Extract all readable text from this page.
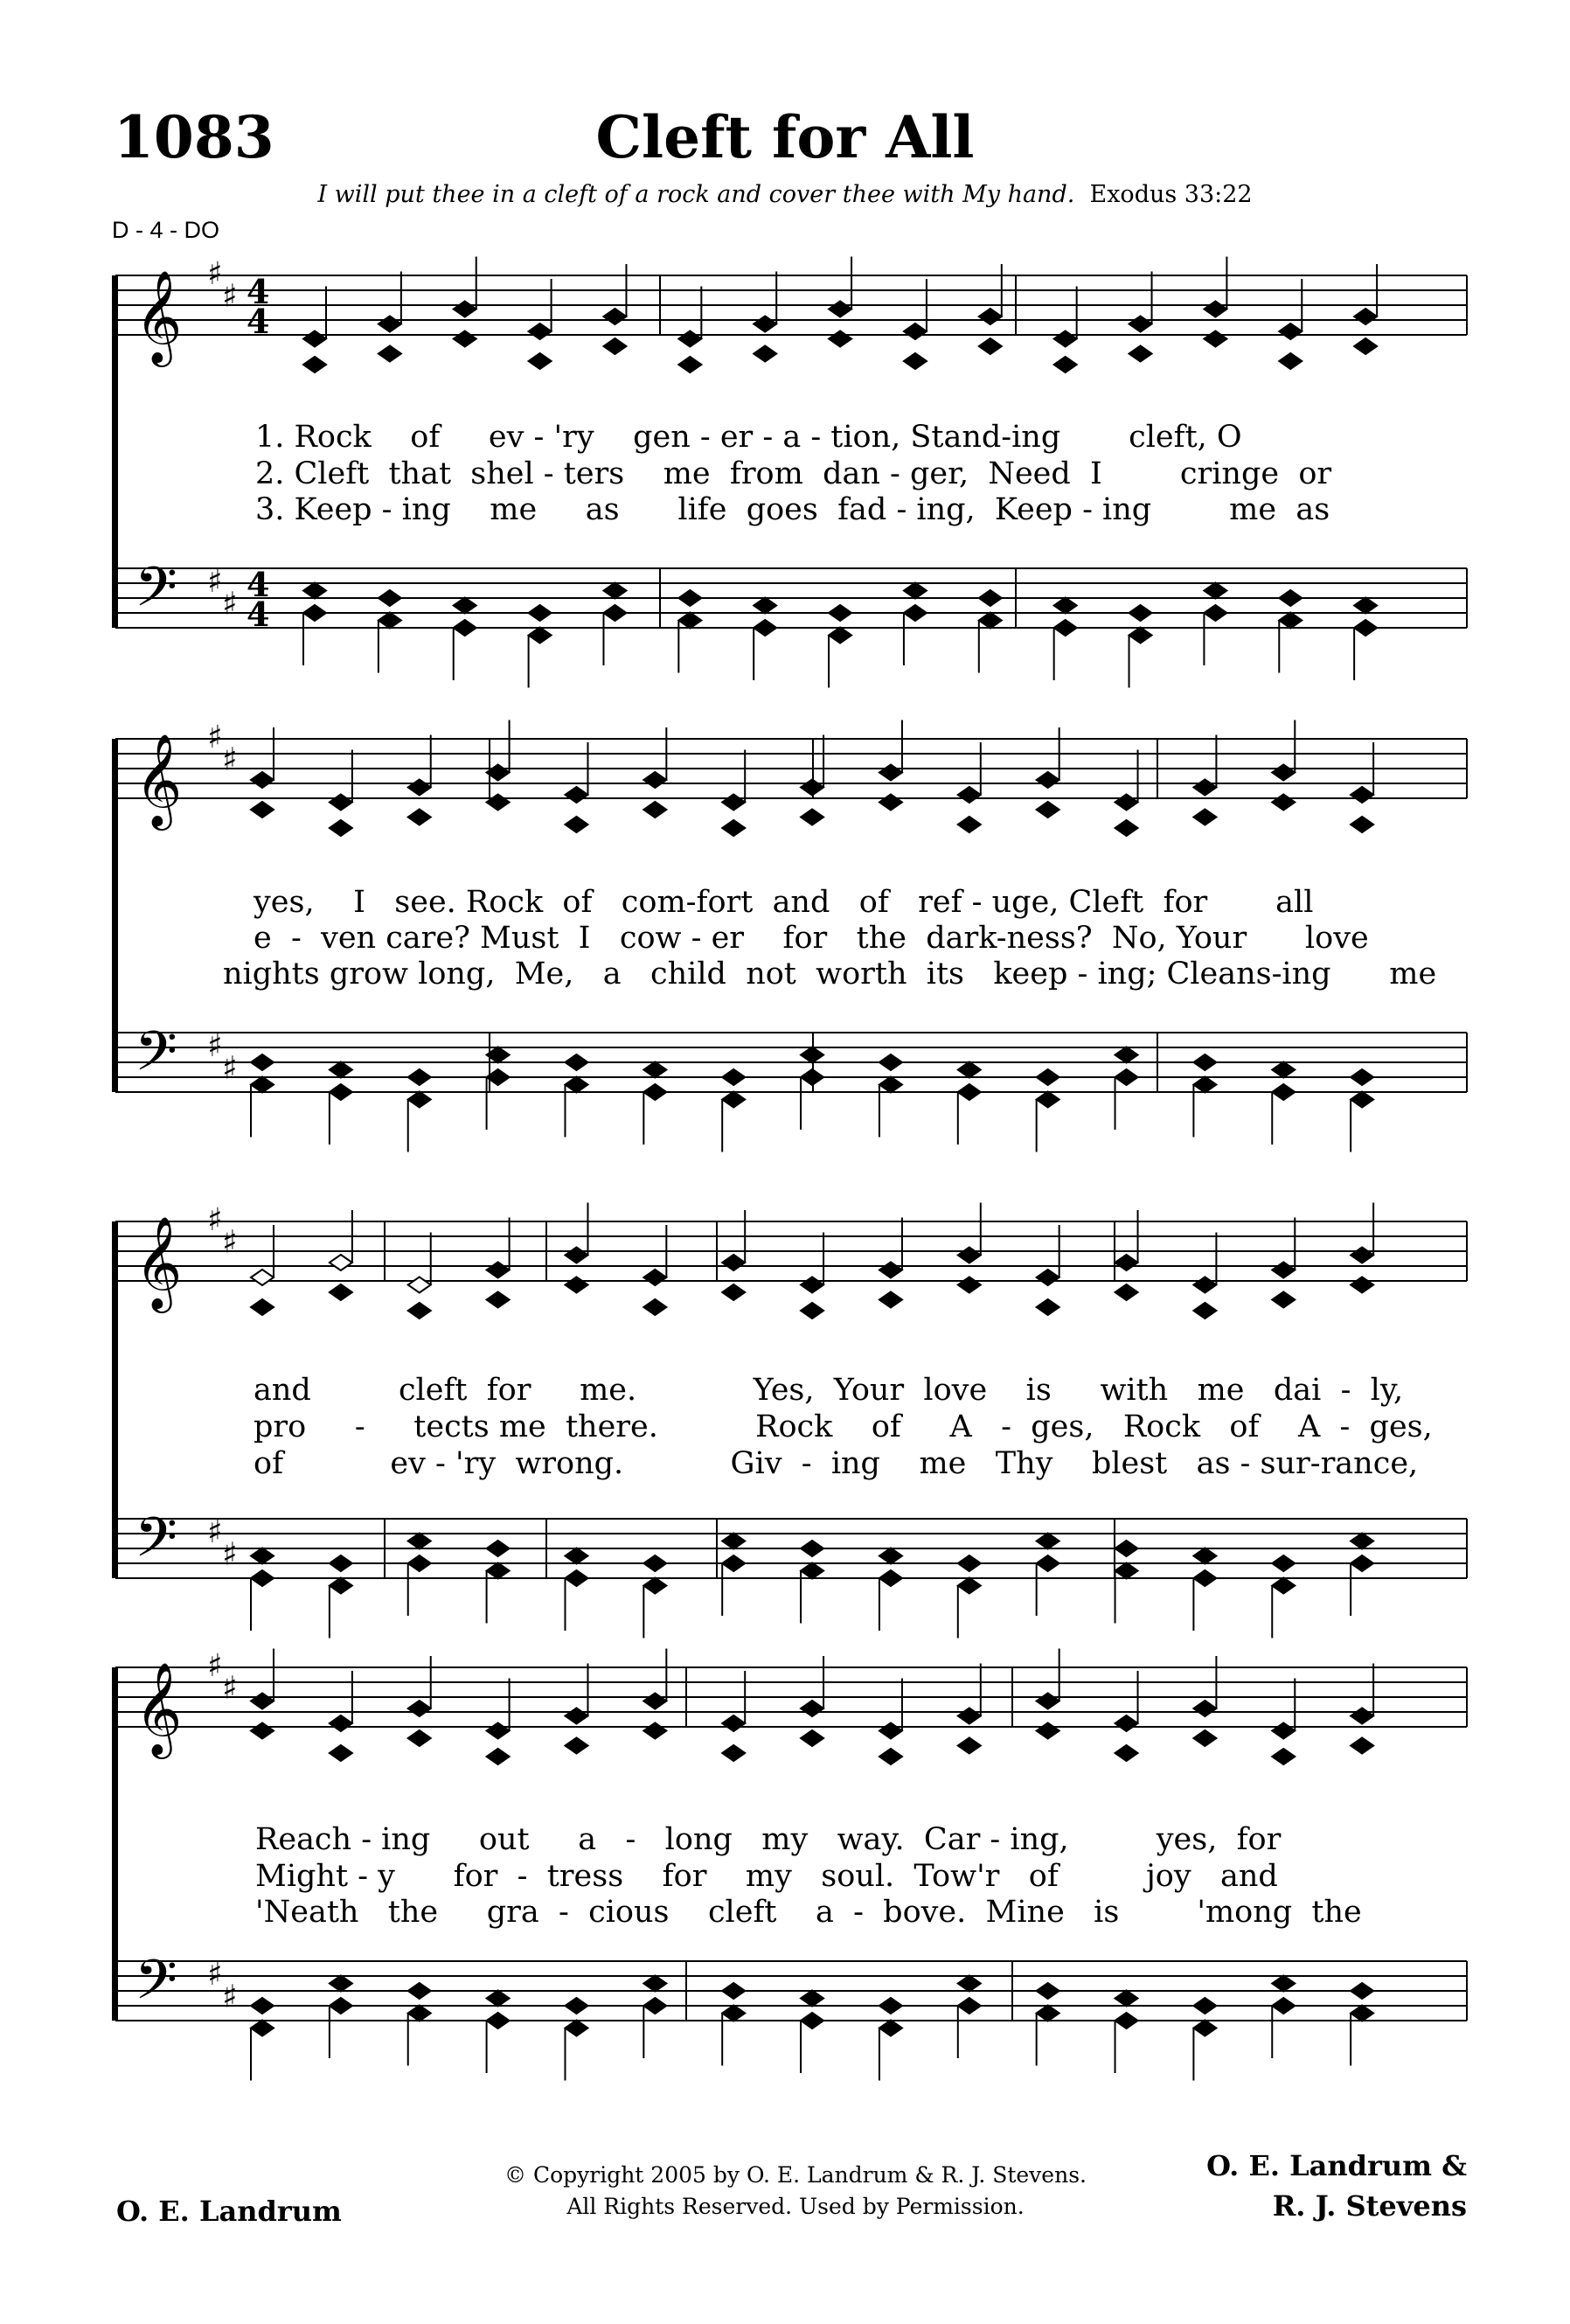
1083	Cleft for All
I will put thee in a cleft of a rock and cover thee with My hand. Exodus 33:22
D - 4 - DO
𝄞
𝄢
♯
♯
♯
♯
4
4
4
4
𝄞
𝄢
♯
♯
♯
♯
𝄞
𝄢
♯
♯
♯
♯
𝄞
𝄢
♯
♯
♯
♯
1. Rock    of     ev - 'ry    gen - er - a - tion, Stand-ing       cleft, O
2. Cleft  that  shel - ters    me  from  dan - ger,  Need  I        cringe  or
3. Keep - ing    me     as      life  goes  fad - ing,  Keep - ing        me  as
yes,    I   see. Rock  of   com-fort  and   of   ref - uge, Cleft  for       all
e  -  ven care? Must  I   cow - er    for   the  dark-ness?  No, Your      love
nights grow long,  Me,   a   child  not  worth  its   keep - ing; Cleans-ing      me
and         cleft  for     me.            Yes,  Your  love    is     with   me   dai  -  ly,
pro     -     tects me  there.          Rock    of     A   -  ges,   Rock   of    A  -  ges,
of           ev - 'ry  wrong.           Giv  -  ing    me   Thy    blest   as - sur-rance,
Reach - ing     out     a   -   long   my   way.  Car - ing,         yes,  for
Might - y      for  -  tress    for    my   soul.  Tow'r   of         joy   and
'Neath   the     gra  -  cious    cleft    a  -  bove.  Mine   is        'mong  the
O. E. Landrum
© Copyright 2005 by O. E. Landrum & R. J. Stevens.
All Rights Reserved. Used by Permission.
O. E. Landrum &
R. J. Stevens
